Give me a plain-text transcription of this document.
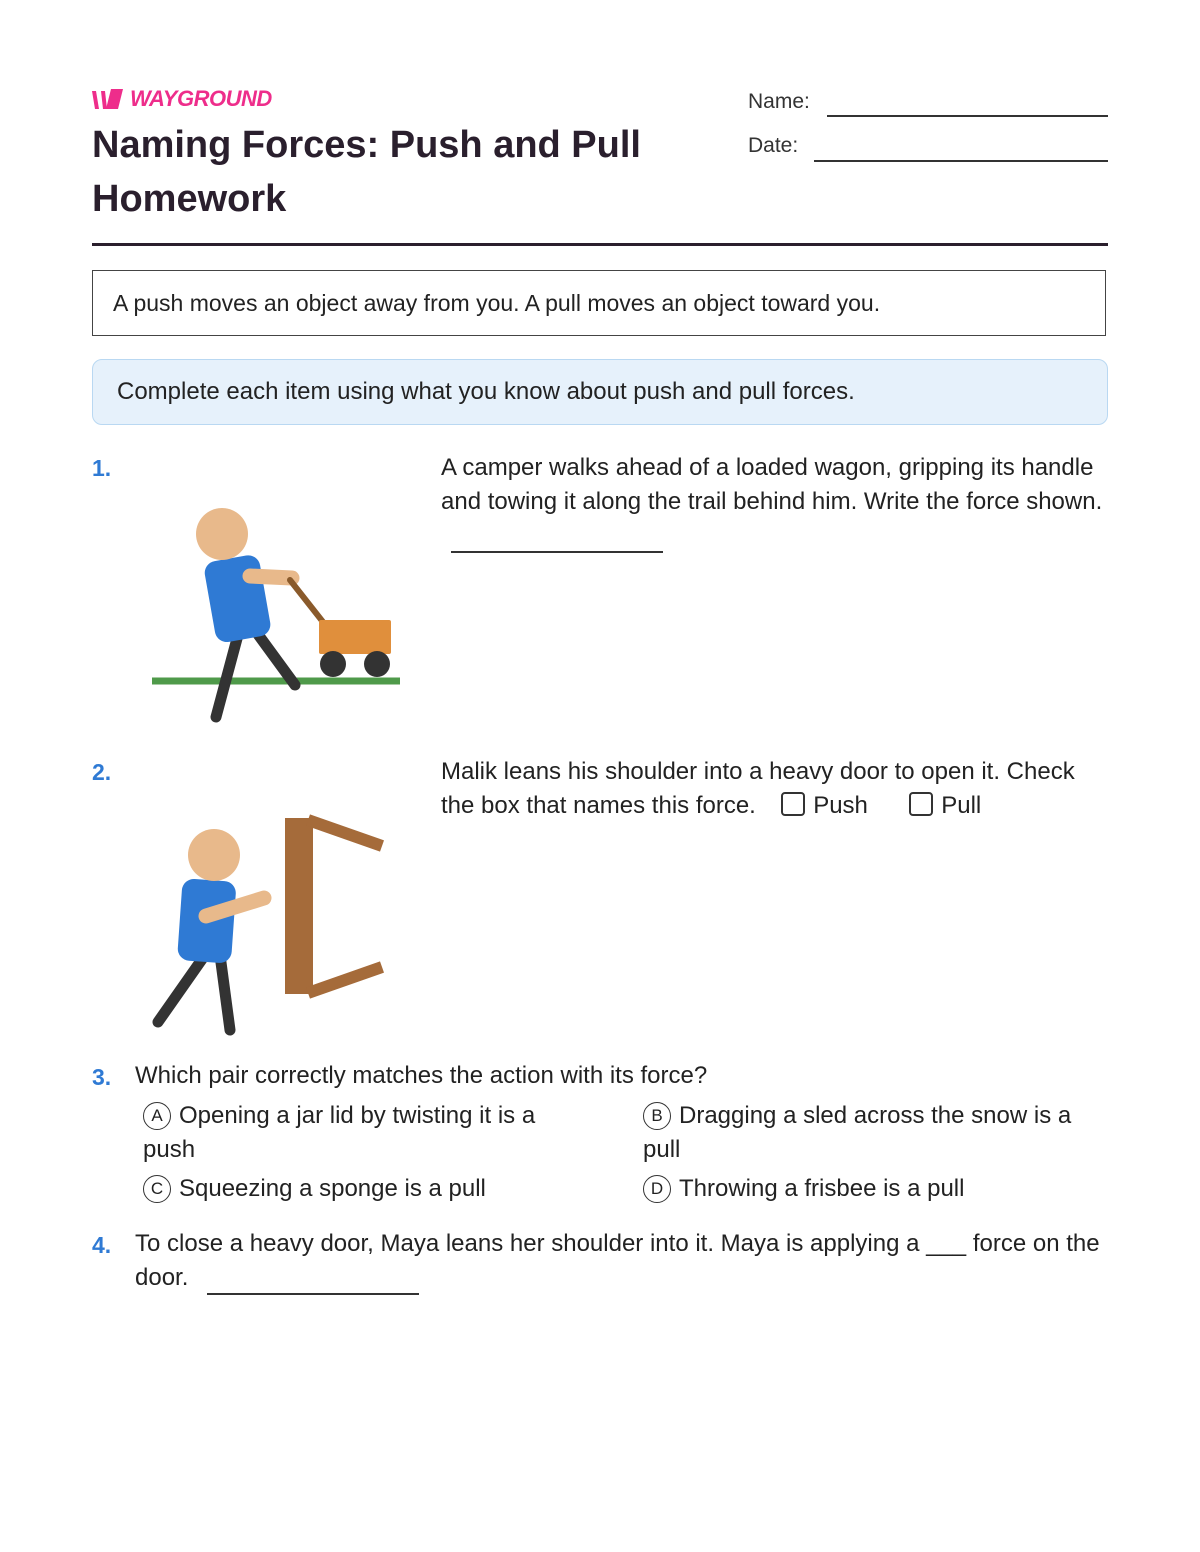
WAYGROUND
Naming Forces: Push and Pull Homework
Name:
Date:
A push moves an object away from you. A pull moves an object toward you.
Complete each item using what you know about push and pull forces.
1.	A camper walks ahead of a loaded wagon, gripping its handle and towing it along the trail behind him. Write the force shown.
2.	Malik leans his shoulder into a heavy door to open it. Check the box that names this force. Push	Pull
3. Which pair correctly matches the action with its force?
A Opening a jar lid by twisting it is a push
B Dragging a sled across the snow is a pull
C Squeezing a sponge is a pull	D Throwing a frisbee is a pull
4. To close a heavy door, Maya leans her shoulder into it. Maya is applying a ___ force on the door.
